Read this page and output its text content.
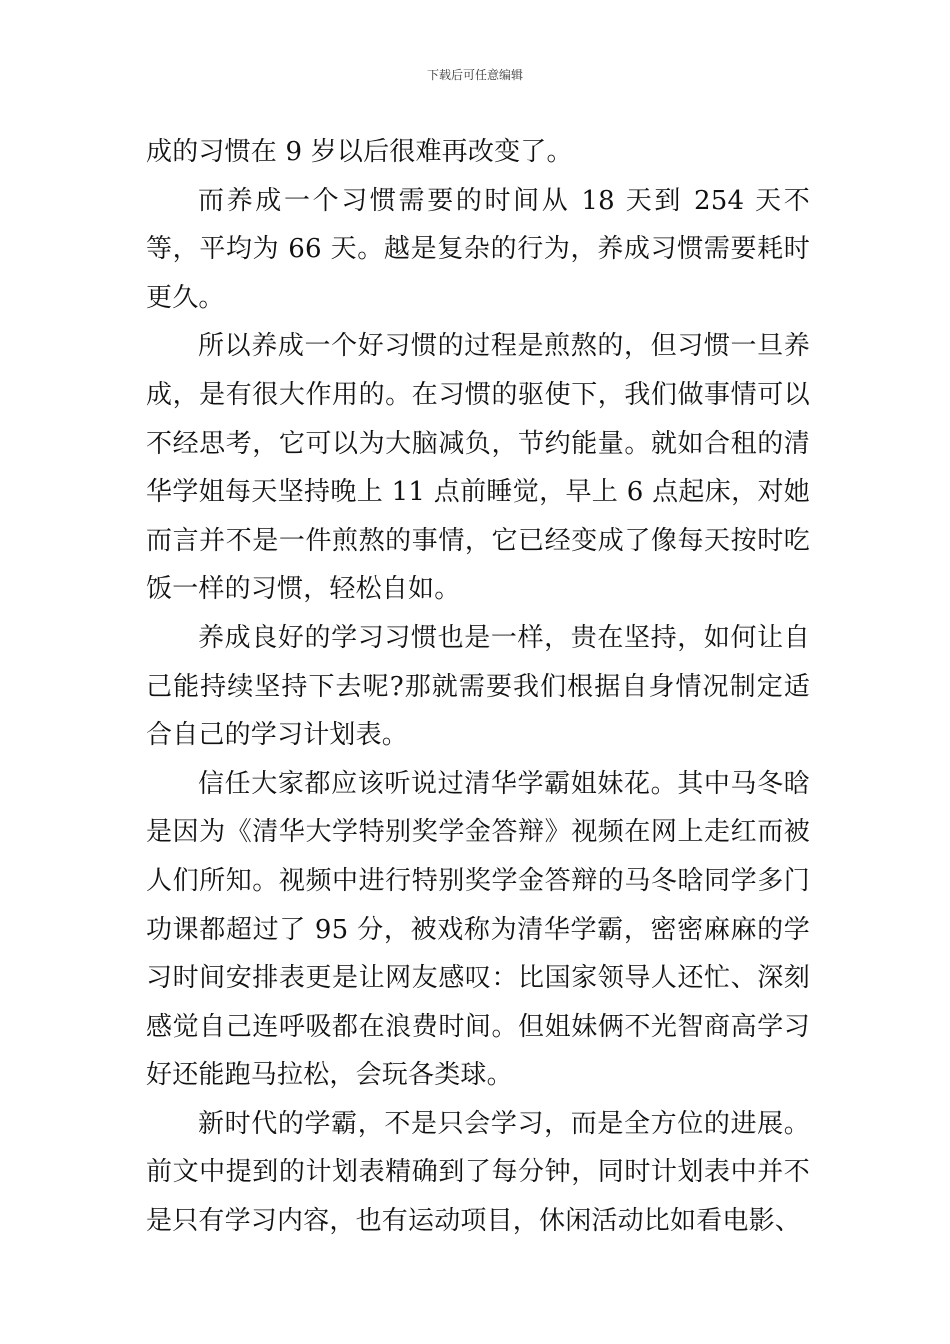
下载后可任意编辑

成的习惯在 9 岁以后很难再改变了。

而养成一个习惯需要的时间从 18 天到 254 天不等，平均为 66 天。越是复杂的行为，养成习惯需要耗时更久。

所以养成一个好习惯的过程是煎熬的，但习惯一旦养成，是有很大作用的。在习惯的驱使下，我们做事情可以不经思考，它可以为大脑减负，节约能量。就如合租的清华学姐每天坚持晚上 11 点前睡觉，早上 6 点起床，对她而言并不是一件煎熬的事情，它已经变成了像每天按时吃饭一样的习惯，轻松自如。

养成良好的学习习惯也是一样，贵在坚持，如何让自己能持续坚持下去呢?那就需要我们根据自身情况制定适合自己的学习计划表。

信任大家都应该听说过清华学霸姐妹花。其中马冬晗是因为《清华大学特别奖学金答辩》视频在网上走红而被人们所知。视频中进行特别奖学金答辩的马冬晗同学多门功课都超过了 95 分，被戏称为清华学霸，密密麻麻的学习时间安排表更是让网友感叹：比国家领导人还忙、深刻感觉自己连呼吸都在浪费时间。但姐妹俩不光智商高学习好还能跑马拉松，会玩各类球。

新时代的学霸，不是只会学习，而是全方位的进展。前文中提到的计划表精确到了每分钟，同时计划表中并不是只有学习内容，也有运动项目，休闲活动比如看电影、
